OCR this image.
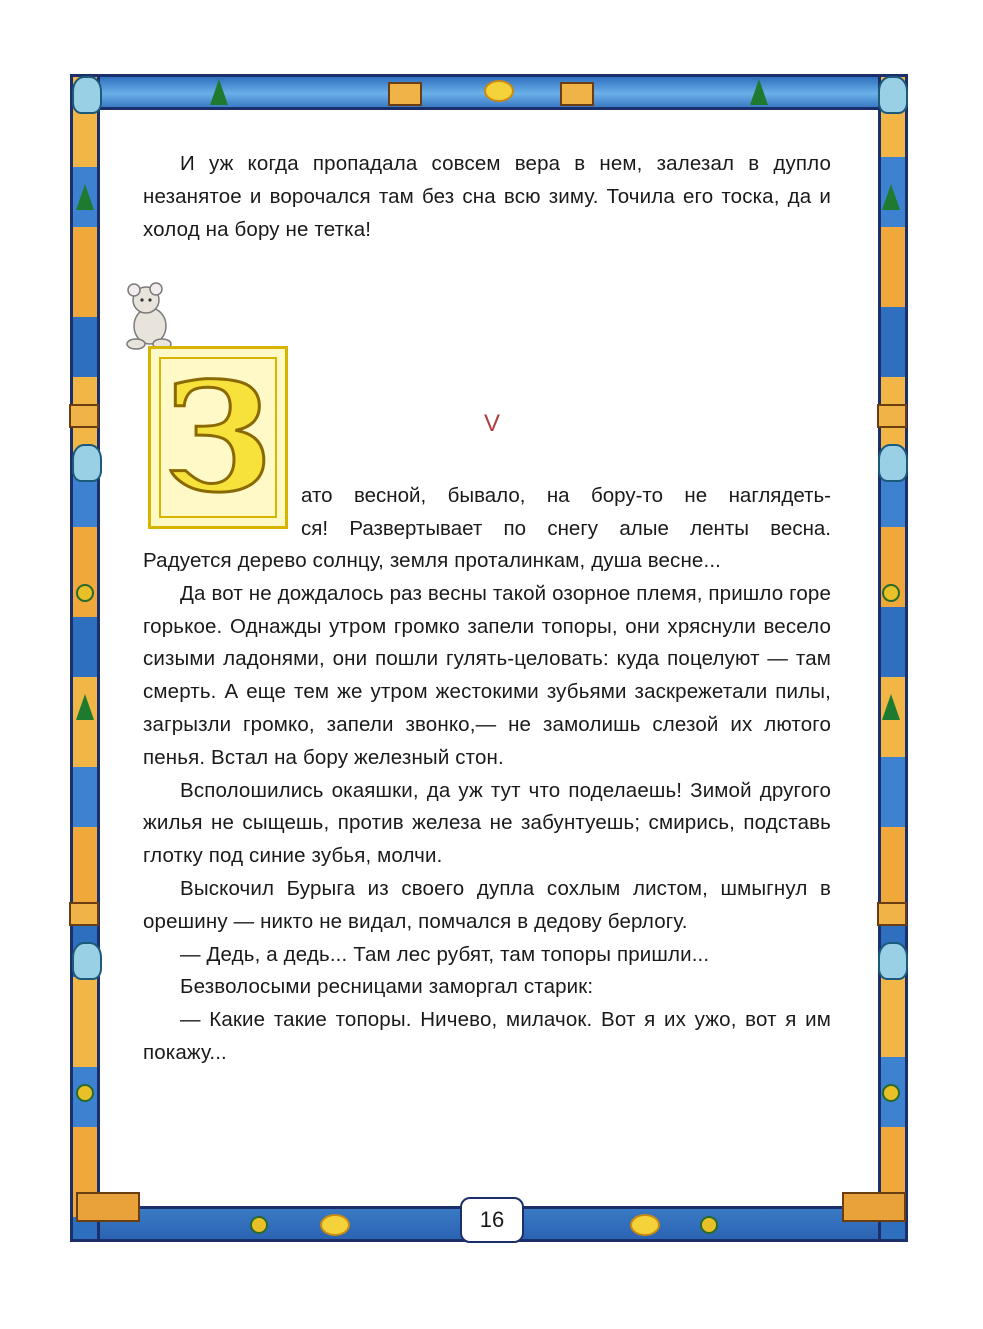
И уж когда пропадала совсем вера в нем, залезал в дупло незанятое и ворочался там без сна всю зиму. Точила его тоска, да и холод на бору не тетка!

З	V

ато весной, бывало, на бору-то не наглядеть-

ся! Развертывает по снегу алые ленты весна.

Радуется дерево солнцу, земля проталинкам, душа весне...

Да вот не дождалось раз весны такой озорное племя, пришло горе горькое. Однажды утром громко запели топоры, они хряснули весело сизыми ладонями, они пошли гулять-целовать: куда поцелуют — там смерть. А еще тем же утром жестокими зубьями заскрежетали пилы, загрызли громко, запели звонко,— не замолишь слезой их лютого пенья. Встал на бору железный стон.

Всполошились окаяшки, да уж тут что поделаешь! Зимой другого жилья не сыщешь, против железа не забунтуешь; смирись, подставь глотку под синие зубья, молчи.

Выскочил Бурыга из своего дупла сохлым листом, шмыгнул в орешину — никто не видал, помчался в дедову берлогу.

— Дедь, а дедь... Там лес рубят, там топоры пришли...

Безволосыми ресницами заморгал старик:

— Какие такие топоры. Ничево, милачок. Вот я их ужо, вот я им покажу...

16
